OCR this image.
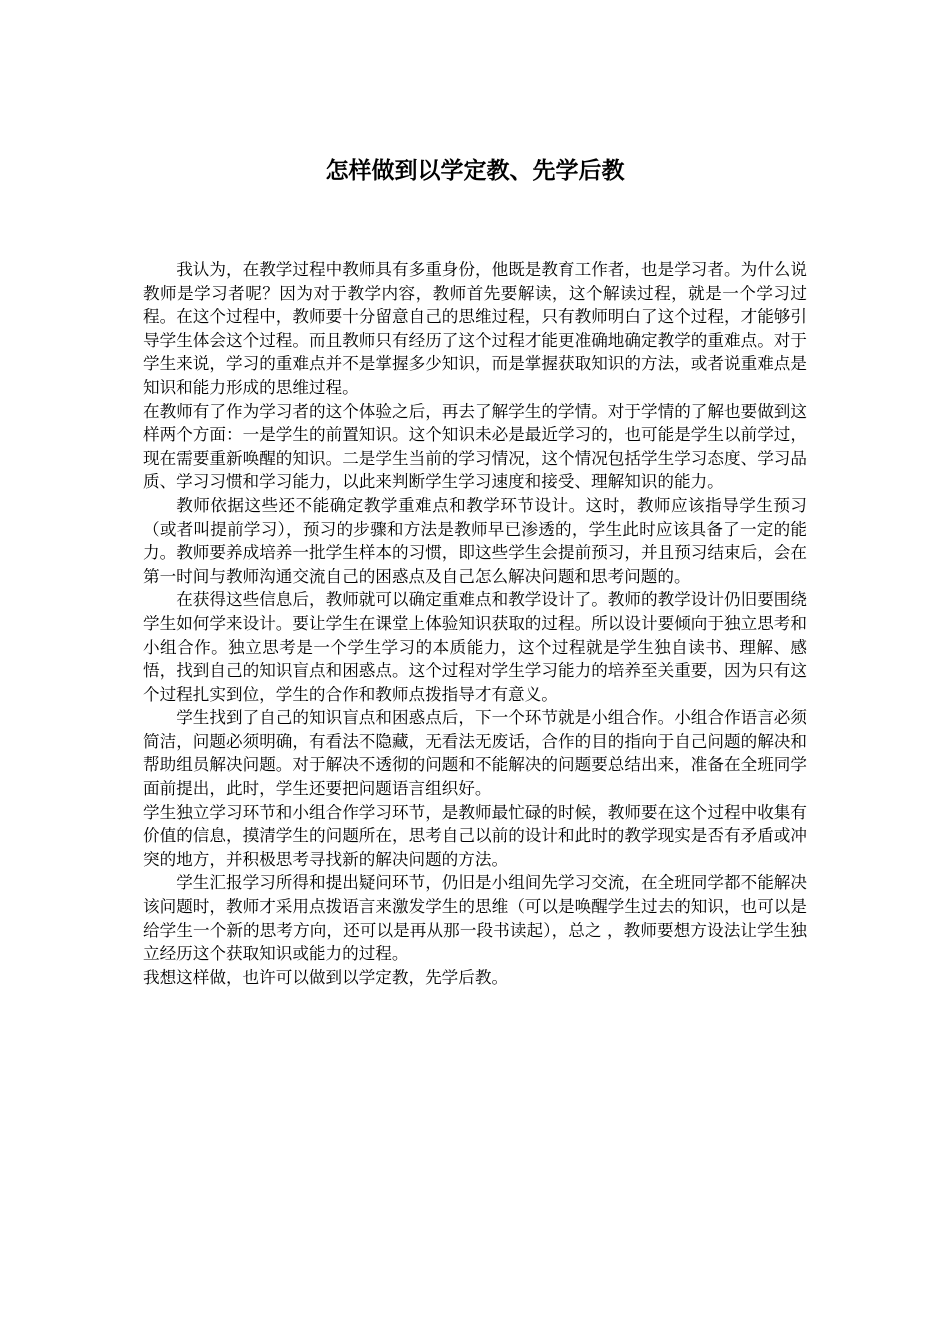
怎样做到以学定教、先学后教

我认为，在教学过程中教师具有多重身份，他既是教育工作者，也是学习者。为什么说教师是学习者呢？因为对于教学内容，教师首先要解读，这个解读过程，就是一个学习过程。在这个过程中，教师要十分留意自己的思维过程，只有教师明白了这个过程，才能够引导学生体会这个过程。而且教师只有经历了这个过程才能更准确地确定教学的重难点。对于学生来说，学习的重难点并不是掌握多少知识，而是掌握获取知识的方法，或者说重难点是知识和能力形成的思维过程。

在教师有了作为学习者的这个体验之后，再去了解学生的学情。对于学情的了解也要做到这样两个方面：一是学生的前置知识。这个知识未必是最近学习的，也可能是学生以前学过，现在需要重新唤醒的知识。二是学生当前的学习情况，这个情况包括学生学习态度、学习品质、学习习惯和学习能力，以此来判断学生学习速度和接受、理解知识的能力。

教师依据这些还不能确定教学重难点和教学环节设计。这时，教师应该指导学生预习（或者叫提前学习），预习的步骤和方法是教师早已渗透的，学生此时应该具备了一定的能力。教师要养成培养一批学生样本的习惯，即这些学生会提前预习，并且预习结束后，会在第一时间与教师沟通交流自己的困惑点及自己怎么解决问题和思考问题的。

在获得这些信息后，教师就可以确定重难点和教学设计了。教师的教学设计仍旧要围绕学生如何学来设计。要让学生在课堂上体验知识获取的过程。所以设计要倾向于独立思考和小组合作。独立思考是一个学生学习的本质能力，这个过程就是学生独自读书、理解、感悟，找到自己的知识盲点和困惑点。这个过程对学生学习能力的培养至关重要，因为只有这个过程扎实到位，学生的合作和教师点拨指导才有意义。

学生找到了自己的知识盲点和困惑点后，下一个环节就是小组合作。小组合作语言必须简洁，问题必须明确，有看法不隐藏，无看法无废话，合作的目的指向于自己问题的解决和帮助组员解决问题。对于解决不透彻的问题和不能解决的问题要总结出来，准备在全班同学面前提出，此时，学生还要把问题语言组织好。

学生独立学习环节和小组合作学习环节，是教师最忙碌的时候，教师要在这个过程中收集有价值的信息，摸清学生的问题所在，思考自己以前的设计和此时的教学现实是否有矛盾或冲突的地方，并积极思考寻找新的解决问题的方法。

学生汇报学习所得和提出疑问环节，仍旧是小组间先学习交流，在全班同学都不能解决该问题时，教师才采用点拨语言来激发学生的思维（可以是唤醒学生过去的知识，也可以是给学生一个新的思考方向，还可以是再从那一段书读起），总之 ，教师要想方设法让学生独立经历这个获取知识或能力的过程。

我想这样做，也许可以做到以学定教，先学后教。
